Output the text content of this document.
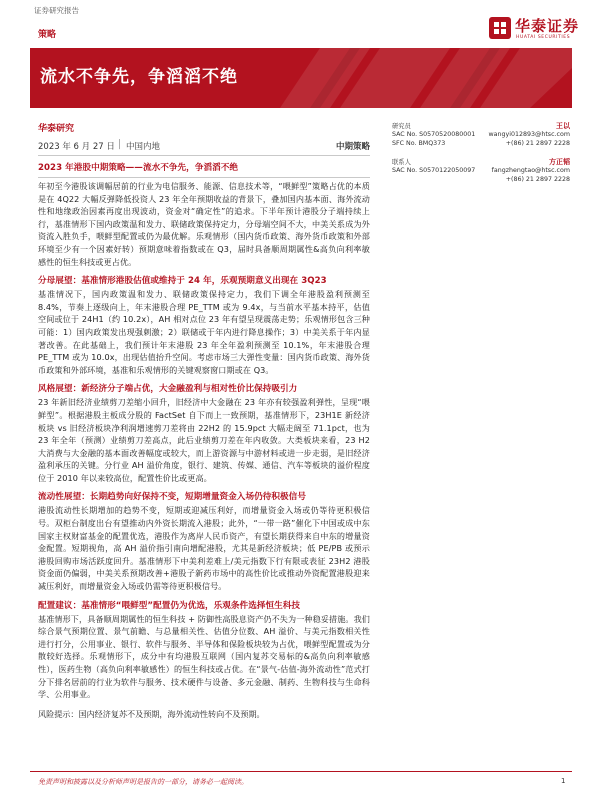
证券研究报告
策略	华泰证券
HUATAI SECURITIES
流水不争先，争滔滔不绝
华泰研究
2023 年 6 月 27 日 │ 中国内地	中期策略
研究员	王以
SAC No. S0570520080001 wangyi012893@htsc.com
SFC No. BMQ373	+(86) 21 2897 2228
联系人	方正韬
SAC No. S0570122050097	fangzhengtao@htsc.com
+(86) 21 2897 2228
2023 年港股中期策略——流水不争先，争滔滔不绝
年初至今港股该调幅居前的行业为电信服务、能源、信息技术等，“喂鲜型”策略占优的本质是在 4Q22 大幅反弹降低投资人 23 年全年预期收益的背景下，叠加国内基本面、海外流动性和地缘政治因素再度出现波动，资金对“确定性”的追求。下半年预计港股分子端持续上行，基准情形下国内政策温和发力、联储政策保持定力，分母端空间不大，中美关系成为外资流入胜负手，喂鲜型配置或仍为最优解。乐观情形（国内货币政策、海外货币政策和外部环境至少有一个因素好转）预期意味着指数或在 Q3，届时具备顺周期属性&高负向利率敏感性的恒生科技或更占优。
分母展望：基准情形港股估值或维持于 24 年，乐观预期意义出现在 3Q23
基准情况下，国内政策温和发力、联储政策保持定力，我们下调全年港股盈利预测至 8.4%，节奏上逐级向上，年末港股合理 PE_TTM 或为 9.4x，与当前水平基本持平，估值空间或位于 24H1（约 10.2x），AH 相对点位 23 年有望呈现震荡走势；乐观情形包含三种可能：1）国内政策发出现强刺激；2）联储或于年内进行降息操作；3）中美关系于年内显著改善。在此基础上，我们预计年末港股 23 年全年盈利预测至 10.1%，年末港股合理 PE_TTM 或为 10.0x，出现估值抬升空间。考虑市场三大弹性变量：国内货币政策、海外货币政策和外部环境，基准和乐观情形的关键观察窗口期或在 Q3。
风格展望：新经济分子端占优，大金融盈利与相对性价比保持吸引力
23 年新旧经济业绩剪刀差缩小回升，旧经济中大金融在 23 年亦有较强盈利弹性，呈现“喂鲜型”。根据港股主板成分股的 FactSet 自下而上一致预期，基准情形下，23H1E 新经济板块 vs 旧经济板块净利润增速剪刀差将由 22H2 的 15.9pct 大幅走阔至 71.1pct，也为 23 年全年（预测）业绩剪刀差高点，此后业绩剪刀差在年内收敛。大类板块来看，23 H2 大消费与大金融的基本面改善幅度或较大，而上游资源与中游材料或进一步走弱，是旧经济盈利承压的关键。分行业 AH 溢价角度，银行、建筑、传媒、通信、汽车等板块的溢价程度位于 2010 年以来较高位，配置性价比或更高。
流动性展望：长期趋势向好保持不变，短期增量资金入场仍待积极信号
港股流动性长期增加的趋势不变，短期或迎减压利好，而增量资金入场或仍等待更积极信号。双柜台制度出台有望推动内外资长期流入港股；此外，“一带一路”催化下中国或成中东国家主权财富基金的配置优选，港股作为离岸人民币资产，有望长期获得来自中东的增量资金配置。短期视角，高 AH 溢价指引南向增配港股，尤其是新经济板块；低 PE/PB 或预示港股回购市场活跃度回升。基准情形下中美利差难上/美元指数下行有限或表征 23H2 港股资金面仍偏弱，中美关系预期改善+港股子新药市场中的高性价比或推动外资配置港股迎来减压利好，而增量资金入场或仍需等待更积极信号。
配置建议：基准情形“喂鲜型”配置仍为优选，乐观条件选择恒生科技
基准情形下，具备顺周期属性的恒生科技 + 防御性高股息资产仍不失为一种稳妥措施。我们综合景气预期位置、景气前瞻、与总量相关性、估值分位数、AH 溢价、与美元指数相关性进行打分，公用事业、银行、软件与服务、半导体和保险板块较为占优，喂鲜型配置或为分散较好选择。乐观情形下，成分中有均港股互联网（国内复苏交易标的&高负向利率敏感性），医药生物（高负向利率敏感性）的恒生科技或占优。在“景气-估值-海外流动性”范式打分下排名居前的行业为软件与服务、技术硬件与设备、多元金融、制药、生物科技与生命科学、公用事业。
风险提示：国内经济复苏不及预期，海外流动性转向不及预期。
免责声明和披露以及分析师声明是报告的一部分，请务必一起阅读。	1
